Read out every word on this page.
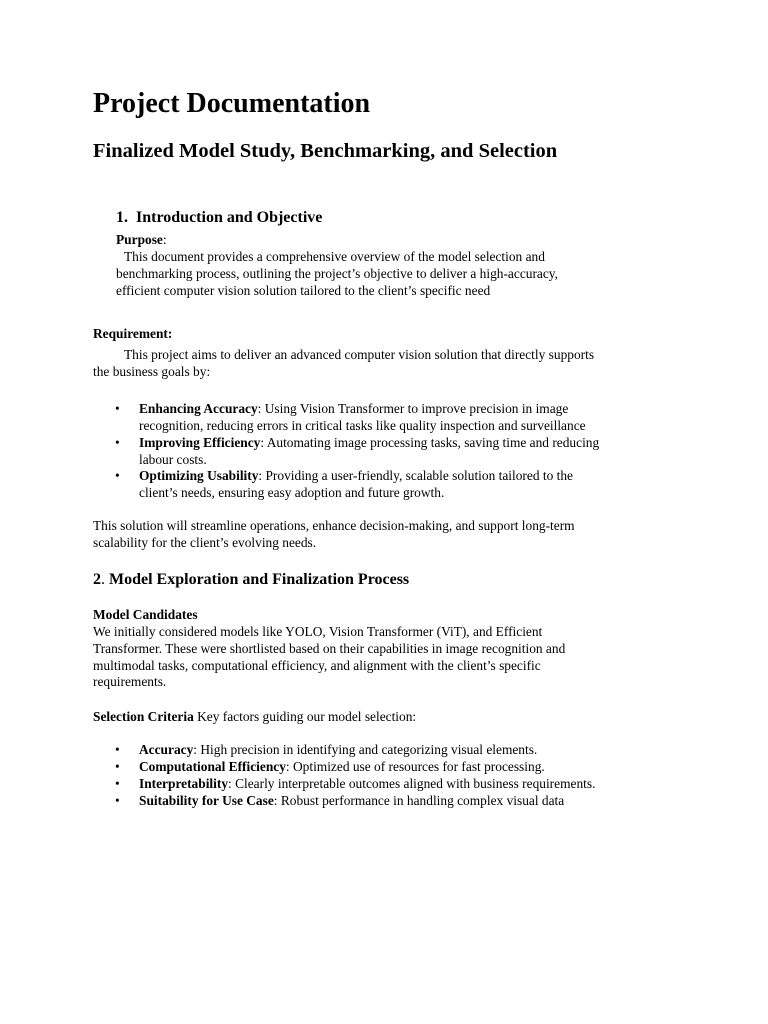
Project Documentation
Finalized Model Study, Benchmarking, and Selection
1. Introduction and Objective
Purpose:
This document provides a comprehensive overview of the model selection and
benchmarking process, outlining the project’s objective to deliver a high-accuracy,
efficient computer vision solution tailored to the client’s specific need
Requirement:
This project aims to deliver an advanced computer vision solution that directly supports
the business goals by:
• Enhancing Accuracy: Using Vision Transformer to improve precision in image
recognition, reducing errors in critical tasks like quality inspection and surveillance
• Improving Efficiency: Automating image processing tasks, saving time and reducing
labour costs.
• Optimizing Usability: Providing a user-friendly, scalable solution tailored to the
client’s needs, ensuring easy adoption and future growth.
This solution will streamline operations, enhance decision-making, and support long-term
scalability for the client’s evolving needs.
2. Model Exploration and Finalization Process
Model Candidates
We initially considered models like YOLO, Vision Transformer (ViT), and Efficient
Transformer. These were shortlisted based on their capabilities in image recognition and
multimodal tasks, computational efficiency, and alignment with the client’s specific
requirements.
Selection Criteria Key factors guiding our model selection:
• Accuracy: High precision in identifying and categorizing visual elements.
• Computational Efficiency: Optimized use of resources for fast processing.
• Interpretability: Clearly interpretable outcomes aligned with business requirements.
• Suitability for Use Case: Robust performance in handling complex visual data
